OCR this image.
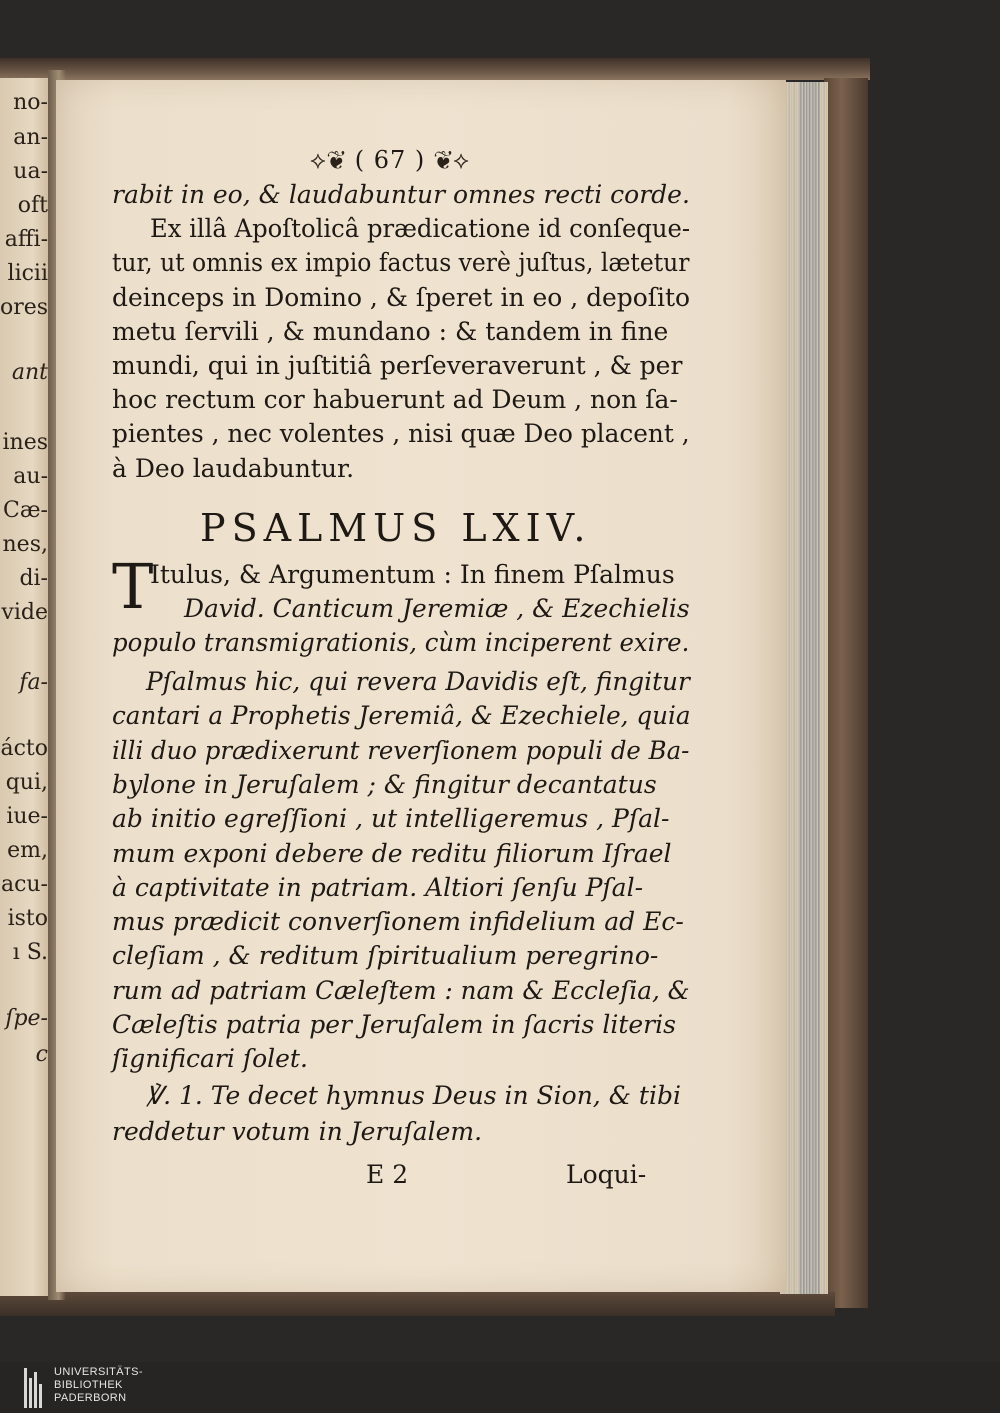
no-
an-
ua-
oft
affi-
licii
ores
ant
ines
au-
Cæ-
nes,
di-
vide
fa-
ácto
qui,
iue-
em,
acu-
isto
ı S.
ſpe-
c
⟡❦ ( 67 ) ❦⟡
rabit in eo, & laudabuntur omnes recti corde.
Ex illâ Apoſtolicâ prædicatione id conſeque-
tur, ut omnis ex impio factus verè juſtus, lætetur
deinceps in Domino , & ſperet in eo , depoſito
metu ſervili , & mundano : & tandem in fine
mundi, qui in juſtitiâ perſeveraverunt , & per
hoc rectum cor habuerunt ad Deum , non ſa-
pientes , nec volentes , nisi quæ Deo placent ,
à Deo laudabuntur.
PSALMUS LXIV.
T
Itulus, & Argumentum : In finem Pſalmus
David. Canticum Jeremiæ , & Ezechielis
populo transmigrationis, cùm inciperent exire.
Pſalmus hic, qui revera Davidis eſt, fingitur
cantari a Prophetis Jeremiâ, & Ezechiele, quia
illi duo prædixerunt reverſionem populi de Ba-
bylone in Jeruſalem ; & fingitur decantatus
ab initio egreſſioni , ut intelligeremus , Pſal-
mum exponi debere de reditu filiorum Iſrael
à captivitate in patriam. Altiori ſenſu Pſal-
mus prædicit converſionem infidelium ad Ec-
cleſiam , & reditum ſpiritualium peregrino-
rum ad patriam Cæleſtem : nam & Eccleſia, &
Cæleſtis patria per Jeruſalem in ſacris literis
ſignificari ſolet.
℣. 1. Te decet hymnus Deus in Sion, & tibi
reddetur votum in Jeruſalem.
E 2	Loqui-
UNIVERSITÄTS-
BIBLIOTHEK
PADERBORN
